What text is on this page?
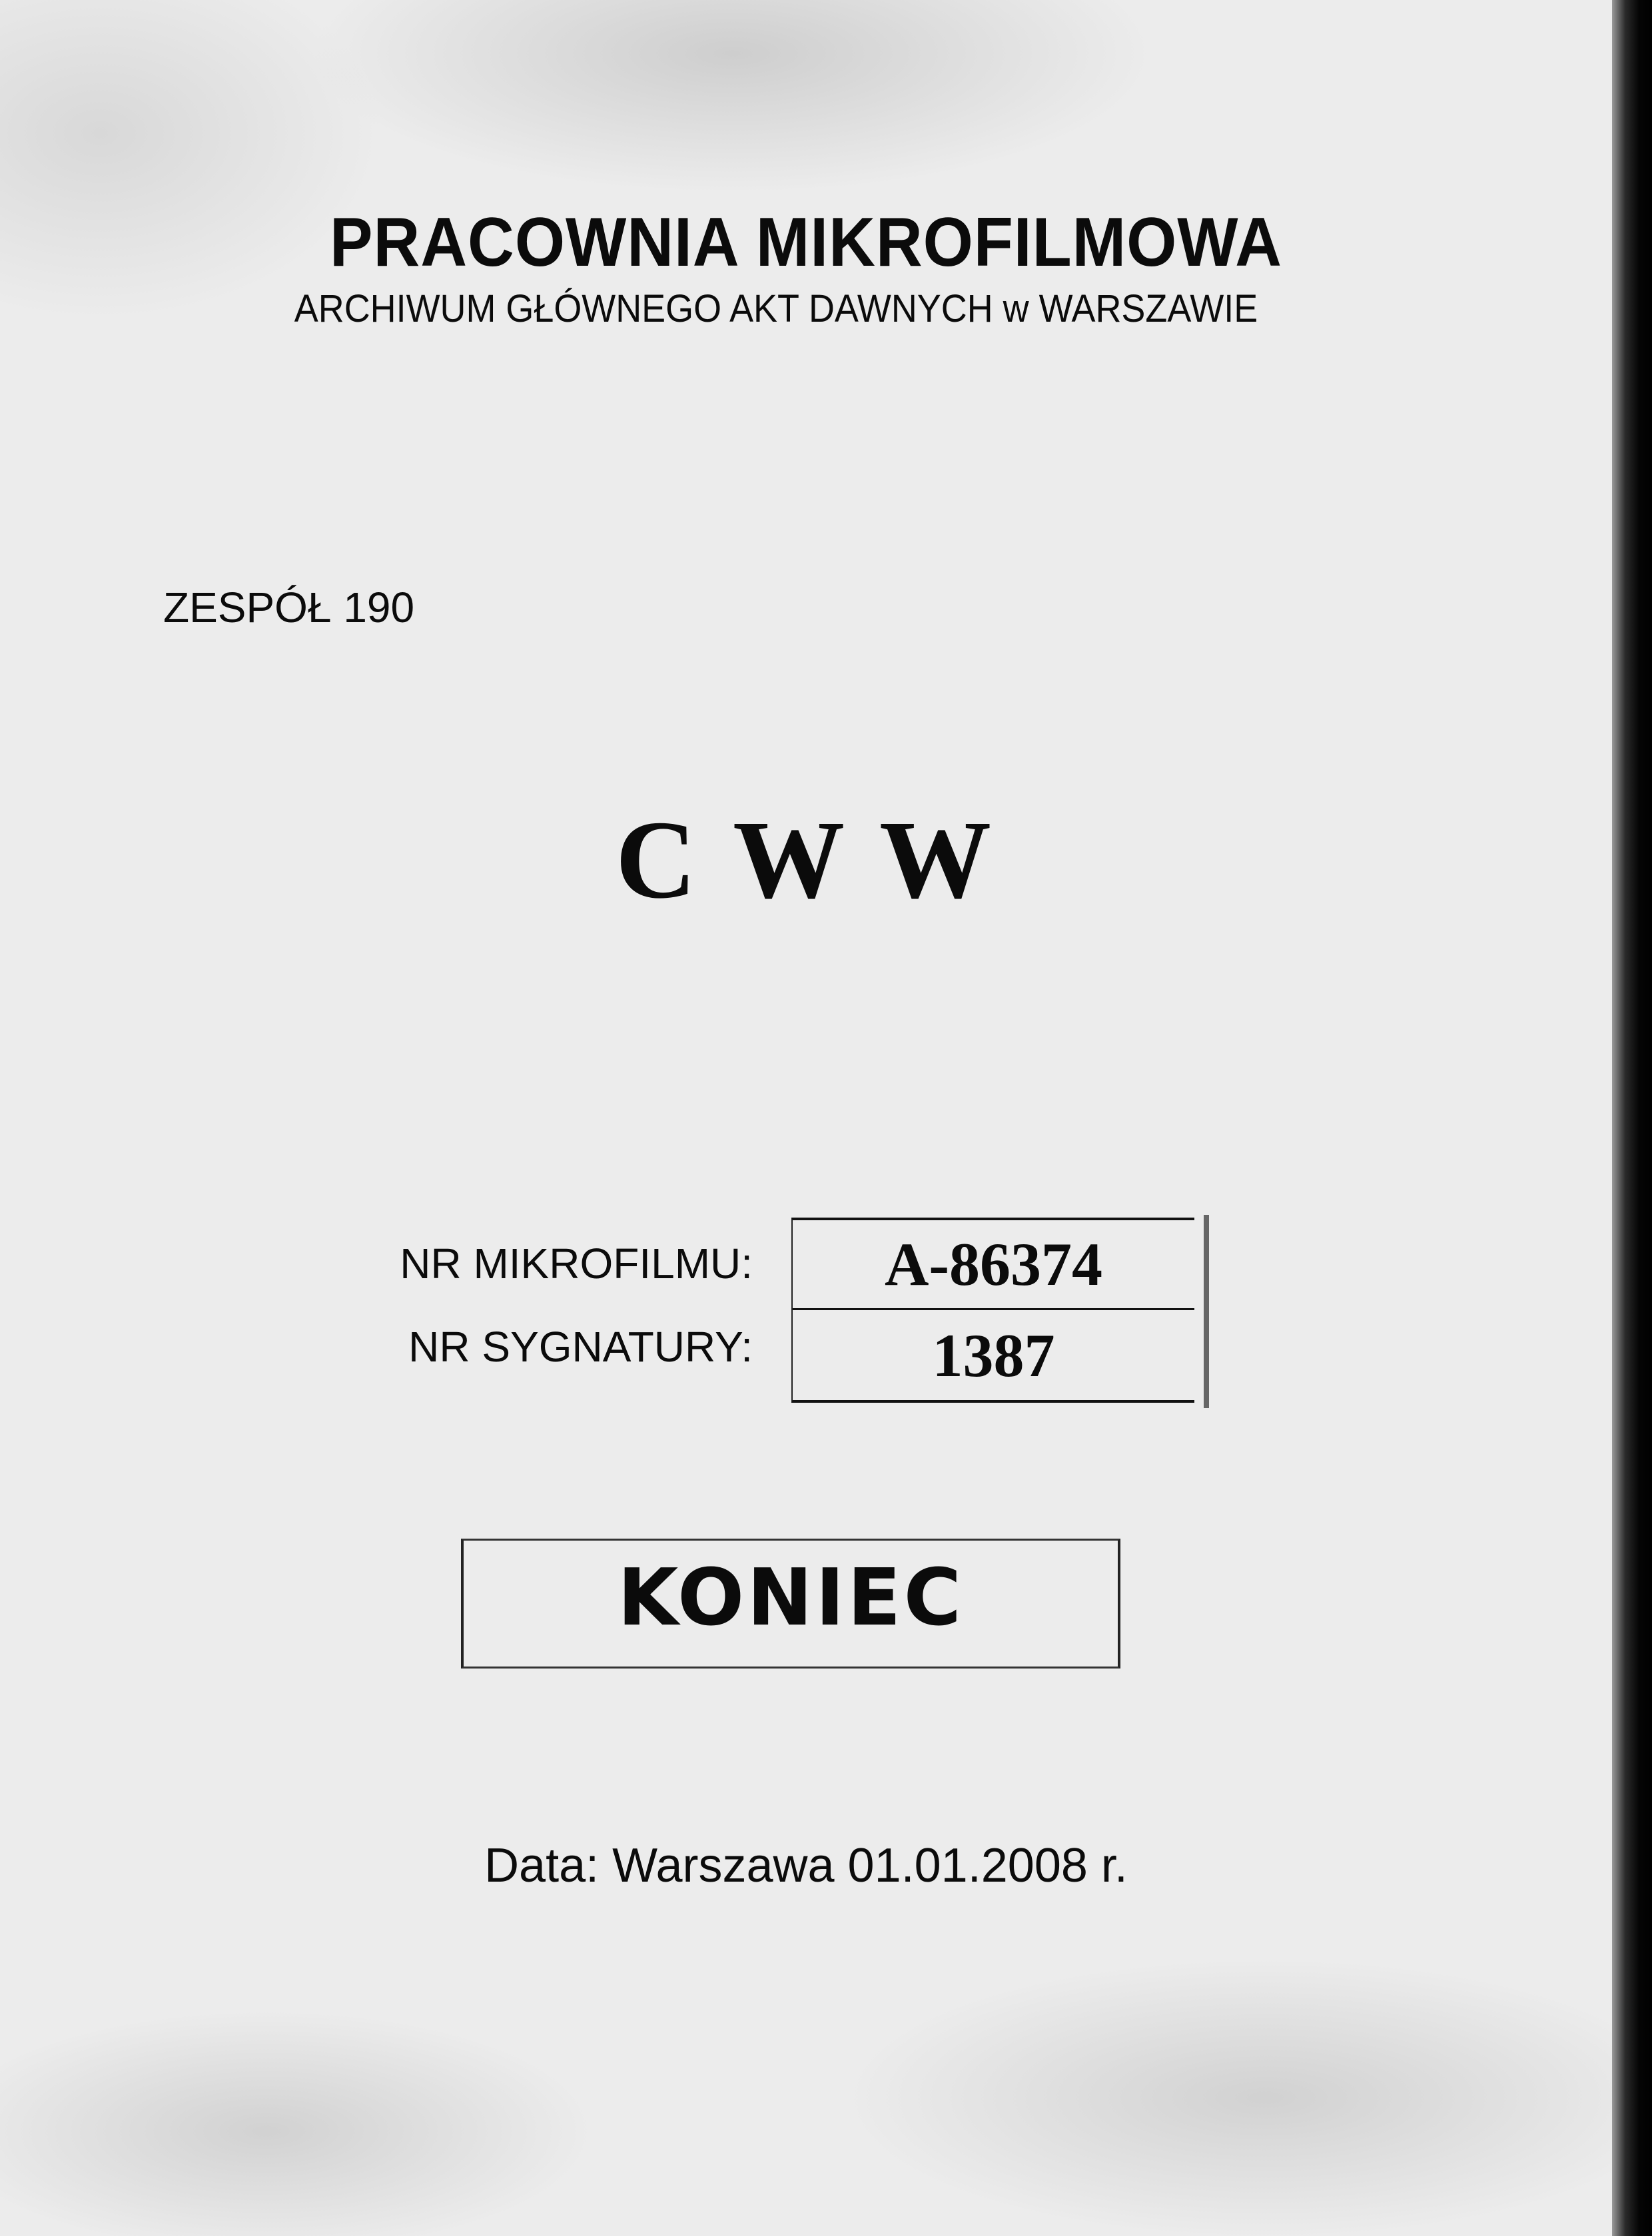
PRACOWNIA MIKROFILMOWA
ARCHIWUM GŁÓWNEGO AKT DAWNYCH w WARSZAWIE
ZESPÓŁ 190
C W W
NR MIKROFILMU:
NR SYGNATURY:
A-86374
1387
KONIEC
Data: Warszawa 01.01.2008 r.
